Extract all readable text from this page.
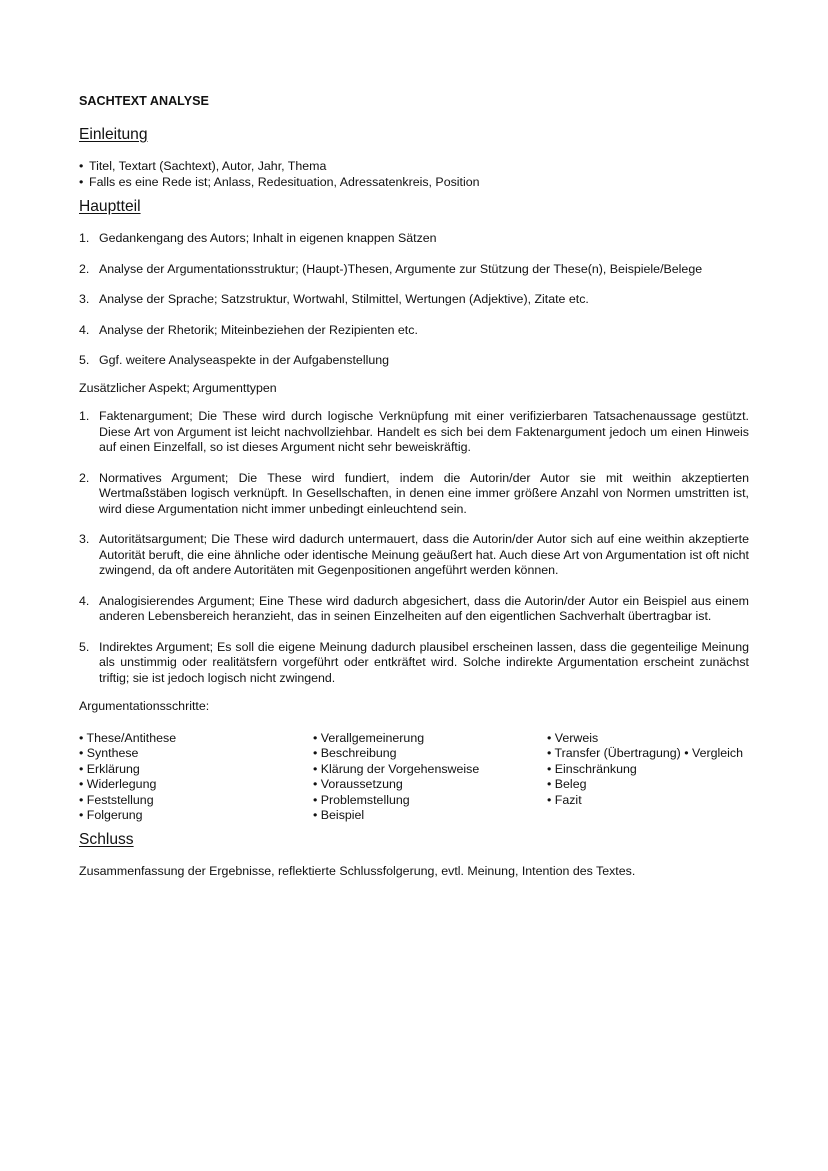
SACHTEXT ANALYSE
Einleitung
• Titel, Textart (Sachtext), Autor, Jahr, Thema
• Falls es eine Rede ist; Anlass, Redesituation, Adressatenkreis, Position
Hauptteil
1. Gedankengang des Autors; Inhalt in eigenen knappen Sätzen
2. Analyse der Argumentationsstruktur; (Haupt-)Thesen, Argumente zur Stützung der These(n), Beispiele/Belege
3. Analyse der Sprache; Satzstruktur, Wortwahl, Stilmittel, Wertungen (Adjektive), Zitate etc.
4. Analyse der Rhetorik; Miteinbeziehen der Rezipienten etc.
5. Ggf. weitere Analyseaspekte in der Aufgabenstellung

Zusätzlicher Aspekt; Argumenttypen

1. Faktenargument; Die These wird durch logische Verknüpfung mit einer verifizierbaren Tatsachenaussage gestützt. Diese Art von Argument ist leicht nachvollziehbar. Handelt es sich bei dem Faktenargument jedoch um einen Hinweis auf einen Einzelfall, so ist dieses Argument nicht sehr beweiskräftig.
2. Normatives Argument; Die These wird fundiert, indem die Autorin/der Autor sie mit weithin akzeptierten Wertmaßstäben logisch verknüpft. In Gesellschaften, in denen eine immer größere Anzahl von Normen umstritten ist, wird diese Argumentation nicht immer unbedingt einleuchtend sein.
3. Autoritätsargument; Die These wird dadurch untermauert, dass die Autorin/der Autor sich auf eine weithin akzeptierte Autorität beruft, die eine ähnliche oder identische Meinung geäußert hat. Auch diese Art von Argumentation ist oft nicht zwingend, da oft andere Autoritäten mit Gegenpositionen angeführt werden können.
4. Analogisierendes Argument; Eine These wird dadurch abgesichert, dass die Autorin/der Autor ein Beispiel aus einem anderen Lebensbereich heranzieht, das in seinen Einzelheiten auf den eigentlichen Sachverhalt übertragbar ist.
5. Indirektes Argument; Es soll die eigene Meinung dadurch plausibel erscheinen lassen, dass die gegenteilige Meinung als unstimmig oder realitätsfern vorgeführt oder entkräftet wird. Solche indirekte Argumentation erscheint zunächst triftig; sie ist jedoch logisch nicht zwingend.

Argumentationsschritte:

• These/Antithese
• Synthese
• Erklärung
• Widerlegung
• Feststellung
• Folgerung
• Verallgemeinerung
• Beschreibung
• Klärung der Vorgehensweise
• Voraussetzung
• Problemstellung
• Beispiel
• Verweis
• Transfer (Übertragung) • Vergleich
• Einschränkung
• Beleg
• Fazit
Schluss

Zusammenfassung der Ergebnisse, reflektierte Schlussfolgerung, evtl. Meinung, Intention des Textes.
